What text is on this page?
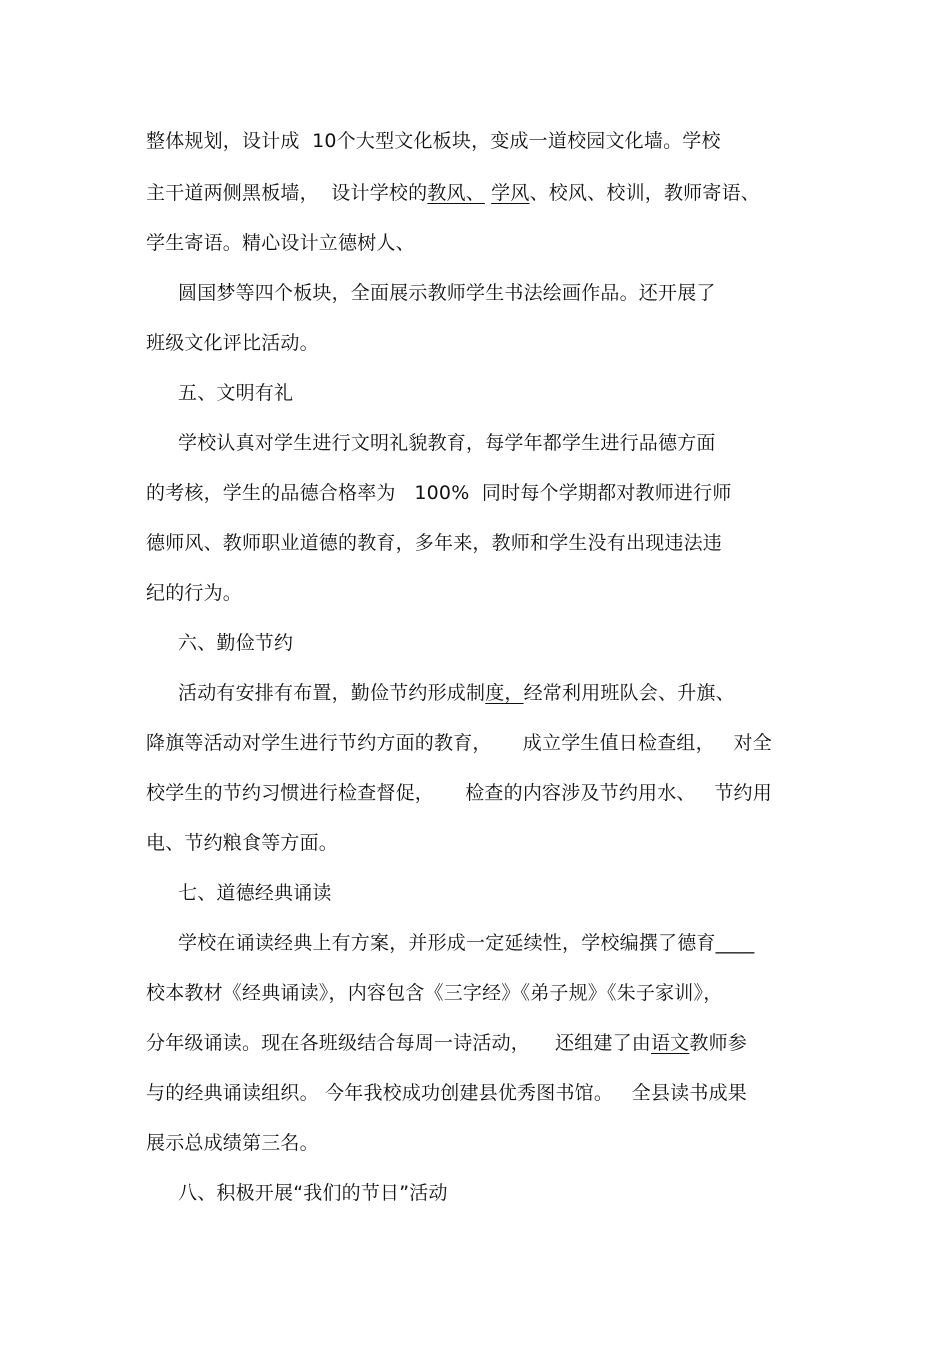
整体规划，设计成  10个大型文化板块，变成一道校园文化墙。学校
主干道两侧黑板墙，  设计学校的教风、 学风、校风、校训，教师寄语、
学生寄语。精心设计立德树人、
圆国梦等四个板块，全面展示教师学生书法绘画作品。还开展了
班级文化评比活动。
五、文明有礼
学校认真对学生进行文明礼貌教育，每学年都学生进行品德方面
的考核，学生的品德合格率为   100%  同时每个学期都对教师进行师
德师风、教师职业道德的教育，多年来，教师和学生没有出现违法违
纪的行为。
六、勤俭节约
活动有安排有布置，勤俭节约形成制度，经常利用班队会、升旗、
降旗等活动对学生进行节约方面的教育，     成立学生值日检查组，   对全
校学生的节约习惯进行检查督促，     检查的内容涉及节约用水、   节约用
电、节约粮食等方面。
七、道德经典诵读
学校在诵读经典上有方案，并形成一定延续性，学校编撰了德育____
校本教材《经典诵读》，内容包含《三字经》《弟子规》《朱子家训》，
分年级诵读。现在各班级结合每周一诗活动，    还组建了由语文教师参
与的经典诵读组织。 今年我校成功创建县优秀图书馆。   全县读书成果
展示总成绩第三名。
八、积极开展“我们的节日”活动
